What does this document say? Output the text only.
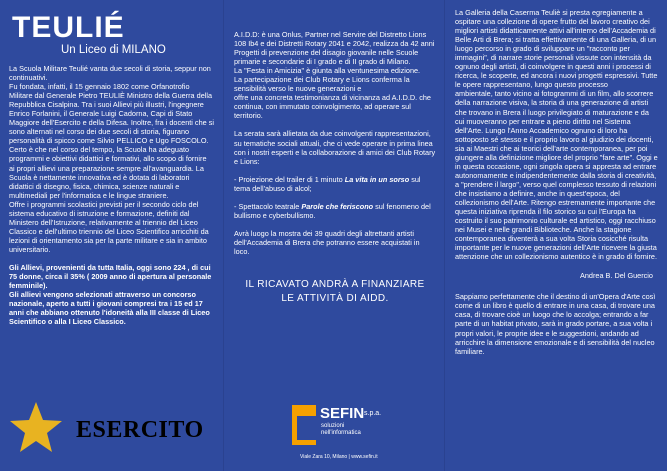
TEULIÉ
Un Liceo di MILANO

La Scuola Militare Teulié vanta due secoli di storia, seppur non continuativi.
Fu fondata, infatti, il 15 gennaio 1802 come Orfanotrofio Militare dal Generale Pietro TEULIÈ Ministro della Guerra della Repubblica Cisalpina. Tra i suoi Allievi più illustri, l'ingegnere Enrico Forlanini, il Generale Luigi Cadorna, Capi di Stato Maggiore dell'Esercito e della Difesa. Inoltre, fra i docenti che si sono alternati nel corso dei due secoli di storia, figurano personalità di spicco come Silvio PELLICO e Ugo FOSCOLO. Certo è che nel corso del tempo, la Scuola ha adeguato programmi e obiettivi didattici e formativi, allo scopo di fornire ai propri allievi una preparazione sempre all'avanguardia. La Scuola è nettamente innovativa ed è dotata di laboratori didattici di disegno, fisica, chimica, scienze naturali e multimediali per l'informatica e le lingue straniere.
Offre i programmi scolastici previsti per il secondo ciclo del sistema educativo di istruzione e formazione, definiti dal Ministero dell'Istruzione, relativamente al triennio del Liceo Classico e dell'ultimo triennio del Liceo Scientifico arricchiti da lezioni di orientamento sia per la parte militare e sia in ambito universitario.

Gli Allievi, provenienti da tutta Italia, oggi sono 224 , di cui 75 donne, circa il 35% ( 2009 anno di apertura al personale femminile).
Gli allievi vengono selezionati attraverso un concorso nazionale, aperto a tutti i giovani compresi tra i 15 ed 17 anni che abbiano ottenuto l'idoneità alla III classe di Liceo Scientifico o alla I Liceo Classico.

ESERCITO

A.I.D.D: è una Onlus, Partner nel Servire del Distretto Lions 108 Ib4 e dei Distretti Rotary 2041 e 2042, realizza da 42 anni Progetti di prevenzione del disagio giovanile nelle Scuole primarie e secondarie di I grado e di II grado di Milano.
La "Festa in Amicizia" è giunta alla ventunesima edizione.
La partecipazione dei Club Rotary e Lions conferma la sensibilità verso le nuove generazioni e
offre una concreta testimonianza di vicinanza ad A.I.D.D. che continua, con immutato coinvolgimento, ad operare sul territorio.

La serata sarà allietata da due coinvolgenti rappresentazioni, su tematiche sociali attuali, che ci vede operare in prima linea con i nostri esperti e la collaborazione di amici dei Club Rotary e Lions:

- Proiezione del trailer di 1 minuto La vita in un sorso sul tema dell'abuso di alcol;

- Spettacolo teatrale Parole che feriscono sul fenomeno del bullismo e cyberbullismo.

Avrà luogo la mostra dei 39 quadri degli altrettanti artisti dell'Accademia di Brera che potranno essere acquistati in loco.

IL RICAVATO ANDRÀ A FINANZIARE
LE ATTIVITÀ DI AIDD.
SEFIN s.p.a.
soluzioni
nell'informatica
Viale Zara 10, Milano | www.sefin.it

La Galleria della Caserma Teuliè si presta egregiamente a ospitare una collezione di opere frutto del lavoro creativo dei migliori artisti didatticamente attivi all'interno dell'Accademia di Belle Arti di Brera; si tratta effettivamente di una Galleria, di un luogo percorso in grado di sviluppare un "racconto per immagini", di narrare storie personali vissute con intensità da ognuno degli artisti, di coinvolgere in questi anni i processi di ricerca, le scoperte, ed ancora i nuovi progetti espressivi. Tutte le opere rappresentano, lungo questo processo
ambientale, tanto vicino ai fotogrammi di un film, allo scorrere della narrazione visiva, la storia di una generazione di artisti che trovano in Brera il luogo privilegiato di maturazione e da cui muoveranno per entrare a pieno diritto nel Sistema dell'Arte. Lungo l'Anno Accademico ognuno di loro ha sottoposto sé stesso e il proprio lavoro al giudizio dei docenti, sia ai Maestri che ai teorici dell'arte contemporanea, per poi giungere alla definizione migliore del proprio "fare arte". Oggi e in questa occasione, ogni singola opera si appresta ad entrare autonomamente e indipendentemente dalla storia di creatività, a "prendere il largo", verso quel complesso tessuto di relazioni che insistiamo a definire, anche in quest'epoca, del collezionismo dell'Arte. Ritengo estremamente importante che questa iniziativa riprenda il filo storico su cui l'Europa ha costruito il suo patrimonio culturale ed artistico, oggi racchiuso nei Musei e nelle grandi Biblioteche. Anche la stagione contemporanea diventerà a sua volta Storia cosicché risulta importante per le nuove generazioni dell'Arte ricevere la giusta attenzione che un collezionismo autentico è in grado di fornire.

Andrea B. Del Guercio

Sappiamo perfettamente che il destino di un'Opera d'Arte così come di un libro è quello di entrare in una casa, di trovare una casa, di trovare cioè un luogo che lo accolga; entrando a far parte di un habitat privato, sarà in grado portare, a sua volta i propri valori, le proprie idee e le suggestioni, andando ad arricchire la dimensione emozionale e di sensibilità del nucleo familiare.
